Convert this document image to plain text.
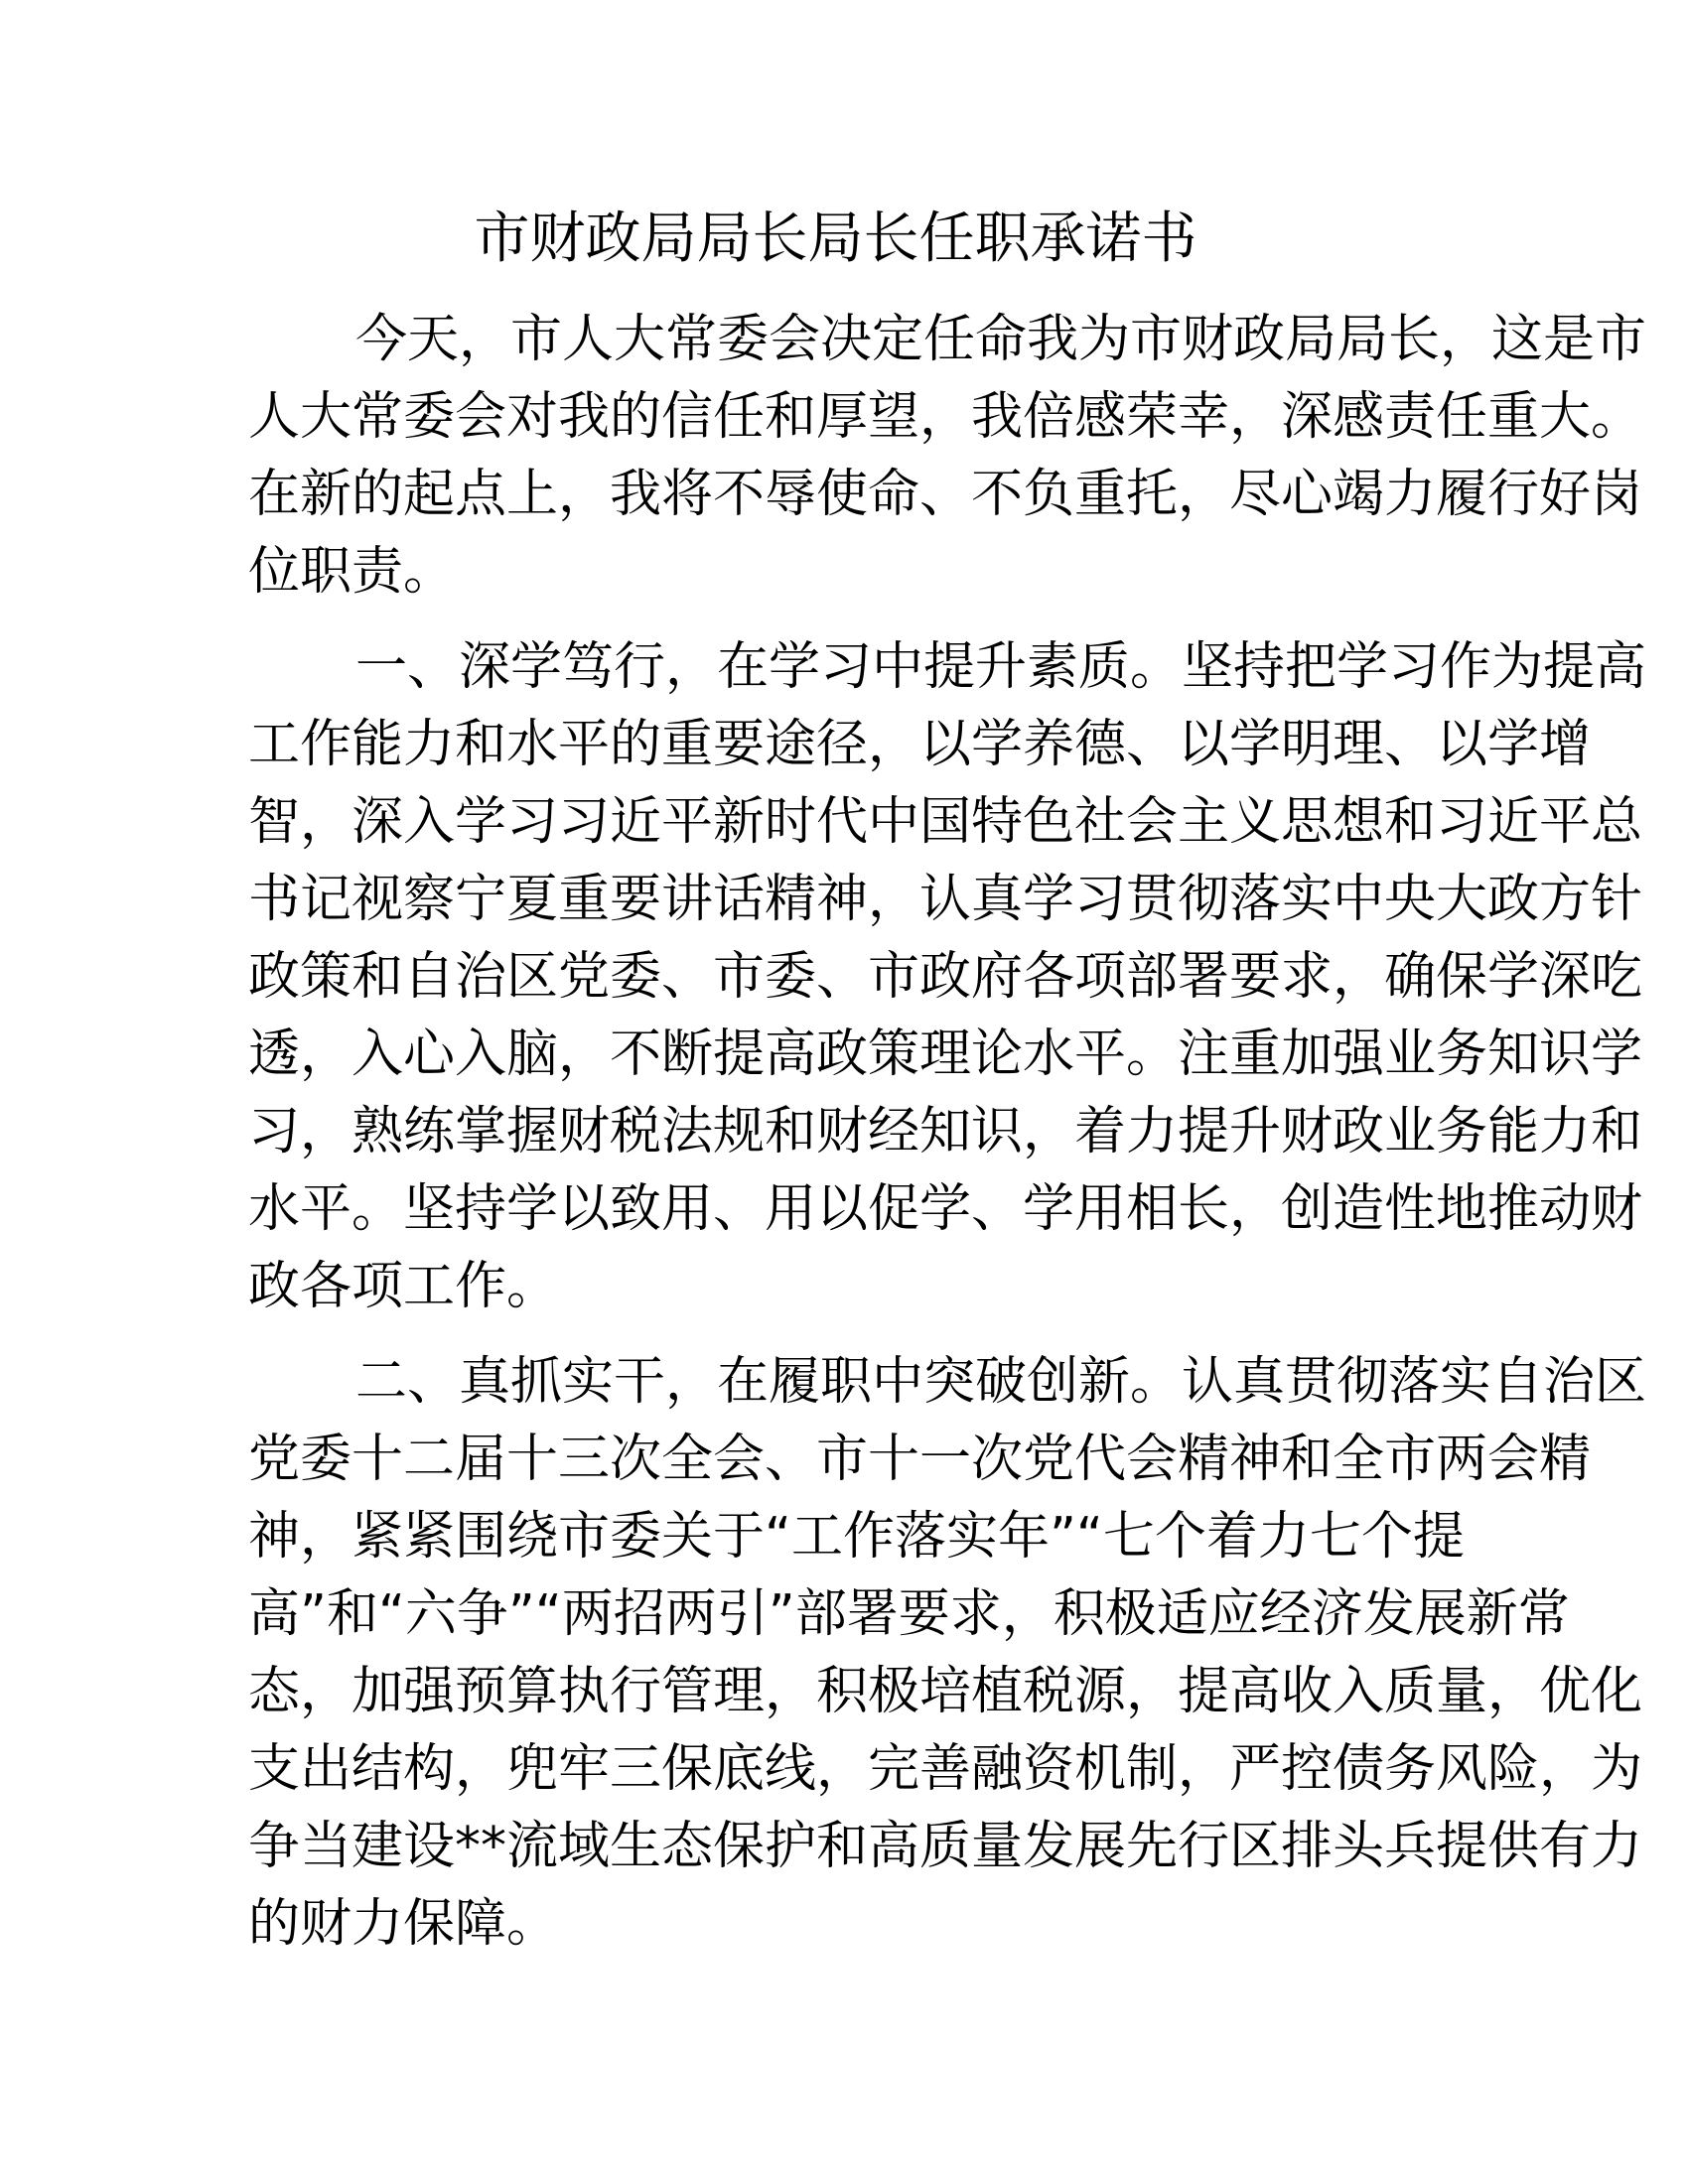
市财政局局长局长任职承诺书
今天，市人大常委会决定任命我为市财政局局长，这是市
人大常委会对我的信任和厚望，我倍感荣幸，深感责任重大。
在新的起点上，我将不辱使命、不负重托，尽心竭力履行好岗
位职责。
一、深学笃行，在学习中提升素质。坚持把学习作为提高
工作能力和水平的重要途径，以学养德、以学明理、以学增
智，深入学习习近平新时代中国特色社会主义思想和习近平总
书记视察宁夏重要讲话精神，认真学习贯彻落实中央大政方针
政策和自治区党委、市委、市政府各项部署要求，确保学深吃
透，入心入脑，不断提高政策理论水平。注重加强业务知识学
习，熟练掌握财税法规和财经知识，着力提升财政业务能力和
水平。坚持学以致用、用以促学、学用相长，创造性地推动财
政各项工作。
二、真抓实干，在履职中突破创新。认真贯彻落实自治区
党委十二届十三次全会、市十一次党代会精神和全市两会精
神，紧紧围绕市委关于“工作落实年”“七个着力七个提
高”和“六争”“两招两引”部署要求，积极适应经济发展新常
态，加强预算执行管理，积极培植税源，提高收入质量，优化
支出结构，兜牢三保底线，完善融资机制，严控债务风险，为
争当建设**流域生态保护和高质量发展先行区排头兵提供有力
的财力保障。
